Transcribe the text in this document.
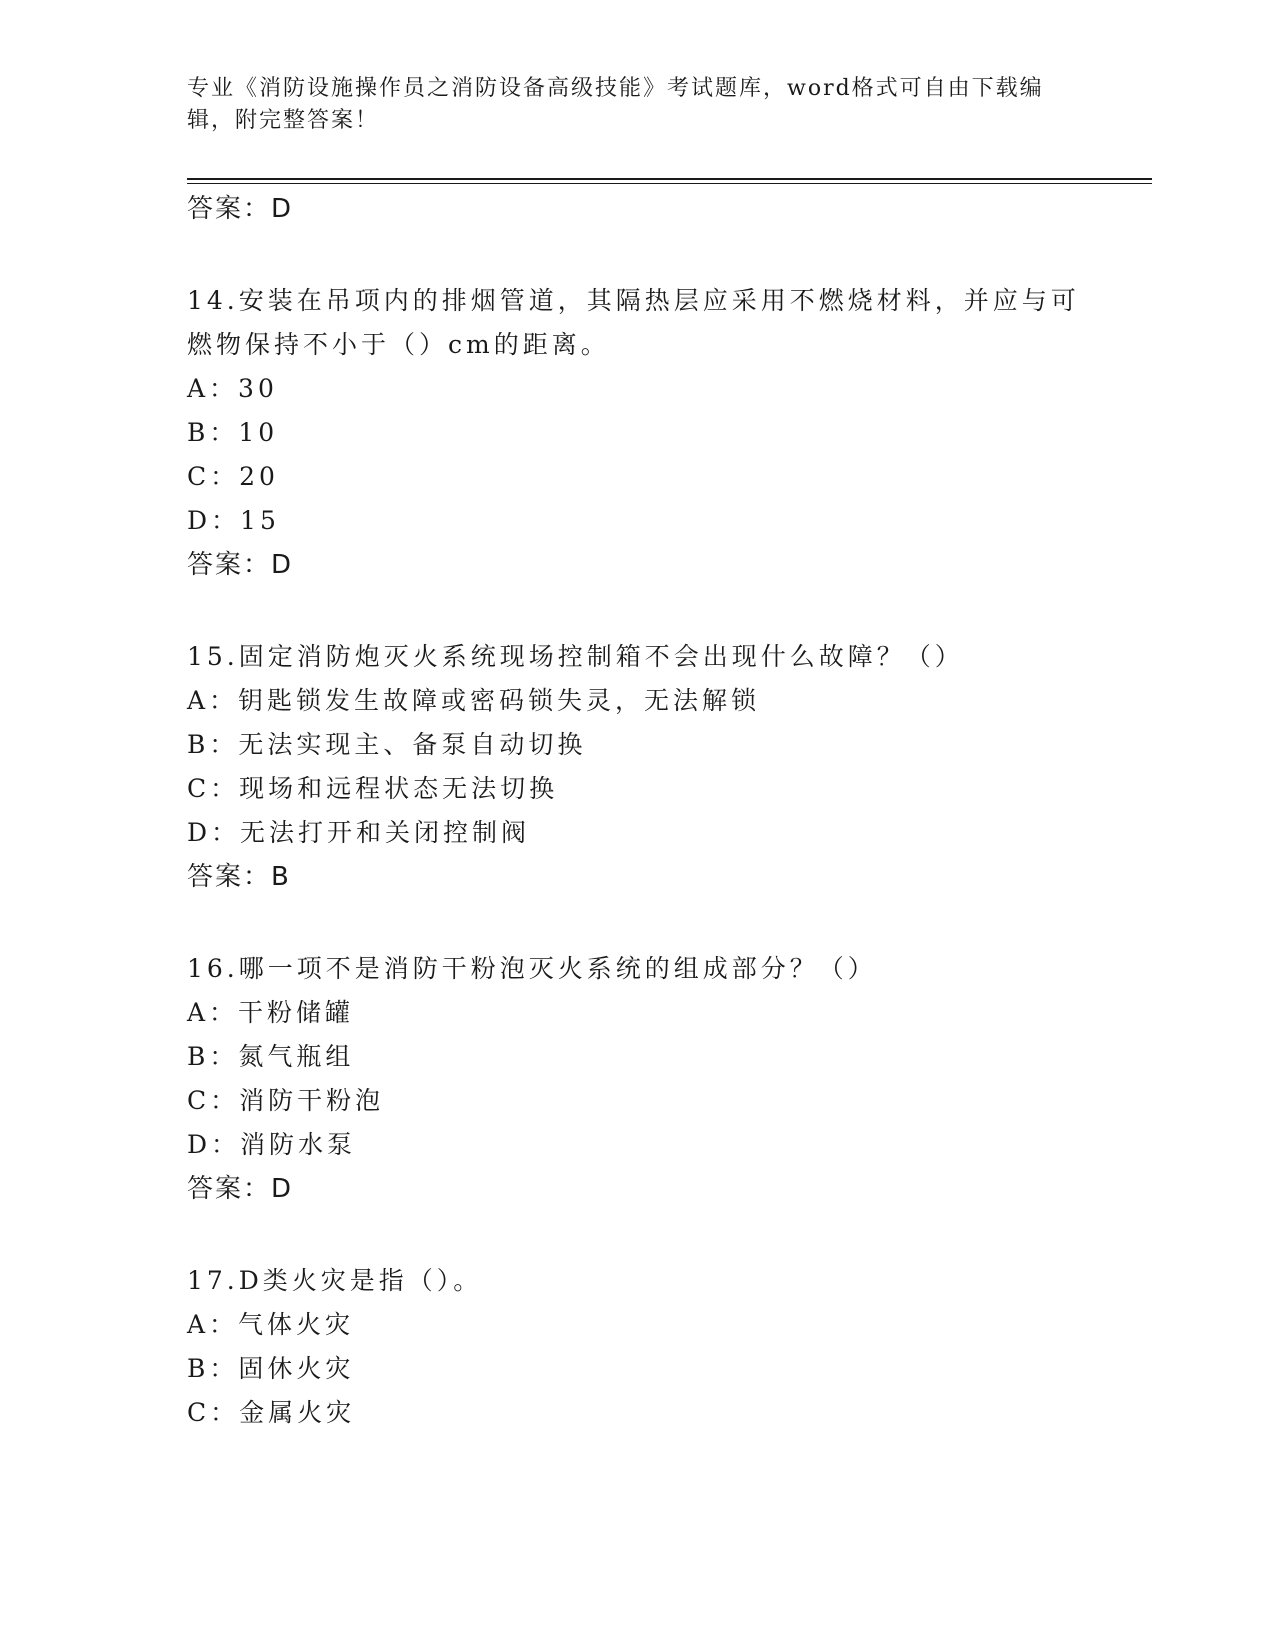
专业《消防设施操作员之消防设备高级技能》考试题库，word格式可自由下载编
辑，附完整答案！
答案：D
14.安装在吊项内的排烟管道，其隔热层应采用不燃烧材料，并应与可
燃物保持不小于（）cm的距离。
A：30
B：10
C：20
D：15
答案：D
15.固定消防炮灭火系统现场控制箱不会出现什么故障？（）
A：钥匙锁发生故障或密码锁失灵，无法解锁
B：无法实现主、备泵自动切换
C：现场和远程状态无法切换
D：无法打开和关闭控制阀
答案：B
16.哪一项不是消防干粉泡灭火系统的组成部分？（）
A：干粉储罐
B：氮气瓶组
C：消防干粉泡
D：消防水泵
答案：D
17.D类火灾是指（）。
A：气体火灾
B：固休火灾
C：金属火灾
